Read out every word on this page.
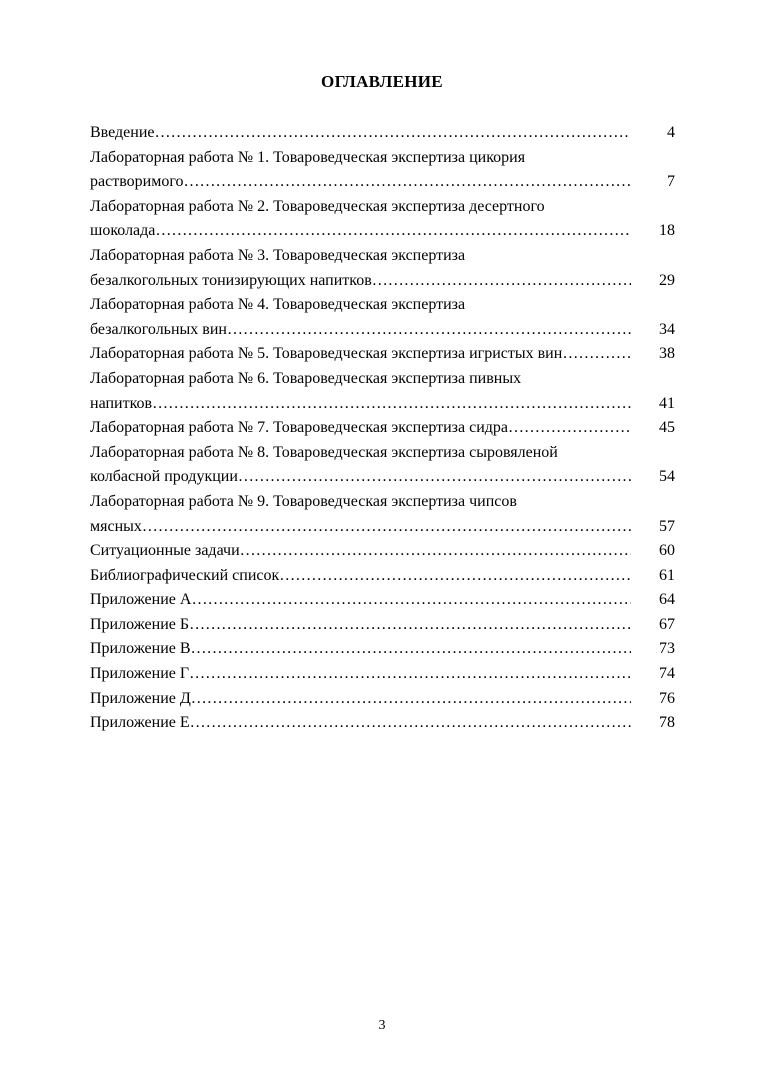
ОГЛАВЛЕНИЕ
Введение ………………………………………………………………………………………………………………………………………………………	4
Лабораторная работа № 1. Товароведческая экспертиза цикория
растворимого ………………………………………………………………………………………………………………………………………………………	7
Лабораторная работа № 2. Товароведческая экспертиза десертного
шоколада ………………………………………………………………………………………………………………………………………………………	18
Лабораторная работа № 3. Товароведческая экспертиза
безалкогольных тонизирующих напитков ………………………………………………………………………………………………………………………………………………………	29
Лабораторная работа № 4. Товароведческая экспертиза
безалкогольных вин ………………………………………………………………………………………………………………………………………………………	34
Лабораторная работа № 5. Товароведческая экспертиза игристых вин ………………………………………………………………………………………………………………………………………………………	38
Лабораторная работа № 6. Товароведческая экспертиза пивных
напитков ………………………………………………………………………………………………………………………………………………………	41
Лабораторная работа № 7. Товароведческая экспертиза сидра ………………………………………………………………………………………………………………………………………………………	45
Лабораторная работа № 8. Товароведческая экспертиза сыровяленой
колбасной продукции ………………………………………………………………………………………………………………………………………………………	54
Лабораторная работа № 9. Товароведческая экспертиза чипсов
мясных ………………………………………………………………………………………………………………………………………………………	57
Ситуационные задачи ………………………………………………………………………………………………………………………………………………………	60
Библиографический список ………………………………………………………………………………………………………………………………………………………	61
Приложение А ………………………………………………………………………………………………………………………………………………………	64
Приложение Б ………………………………………………………………………………………………………………………………………………………	67
Приложение В ………………………………………………………………………………………………………………………………………………………	73
Приложение Г ………………………………………………………………………………………………………………………………………………………	74
Приложение Д ………………………………………………………………………………………………………………………………………………………	76
Приложение Е ………………………………………………………………………………………………………………………………………………………	78
3
